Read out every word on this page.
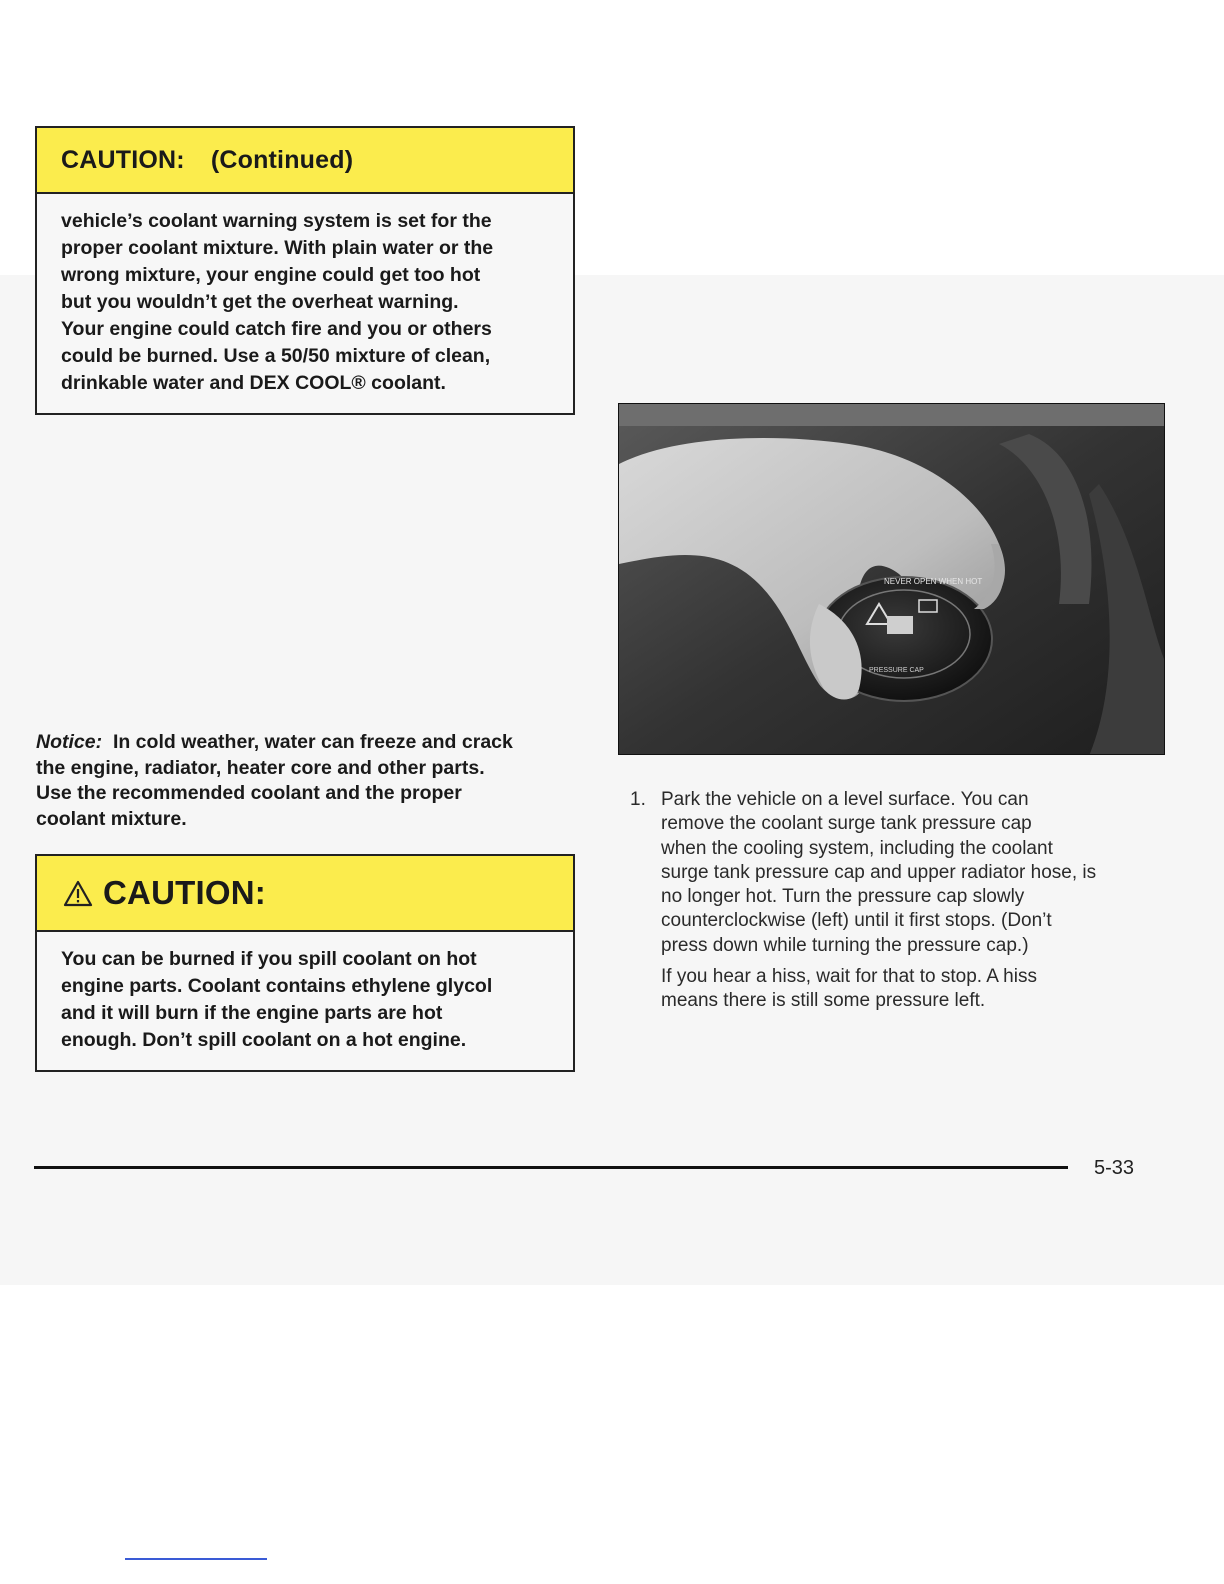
CAUTION: (Continued)

vehicle’s coolant warning system is set for the

proper coolant mixture. With plain water or the

wrong mixture, your engine could get too hot

but you wouldn’t get the overheat warning.

Your engine could catch fire and you or others

could be burned. Use a 50/50 mixture of clean,

drinkable water and DEX COOL® coolant.

Notice: In cold weather, water can freeze and crack

the engine, radiator, heater core and other parts.

Use the recommended coolant and the proper

coolant mixture.

CAUTION:

You can be burned if you spill coolant on hot

engine parts. Coolant contains ethylene glycol

and it will burn if the engine parts are hot

enough. Don’t spill coolant on a hot engine.

NEVER OPEN WHEN HOT
PRESSURE CAP
1. Park the vehicle on a level surface. You can

remove the coolant surge tank pressure cap

when the cooling system, including the coolant

surge tank pressure cap and upper radiator hose, is

no longer hot. Turn the pressure cap slowly

counterclockwise (left) until it first stops. (Don’t

press down while turning the pressure cap.)

If you hear a hiss, wait for that to stop. A hiss

means there is still some pressure left.

5-33
